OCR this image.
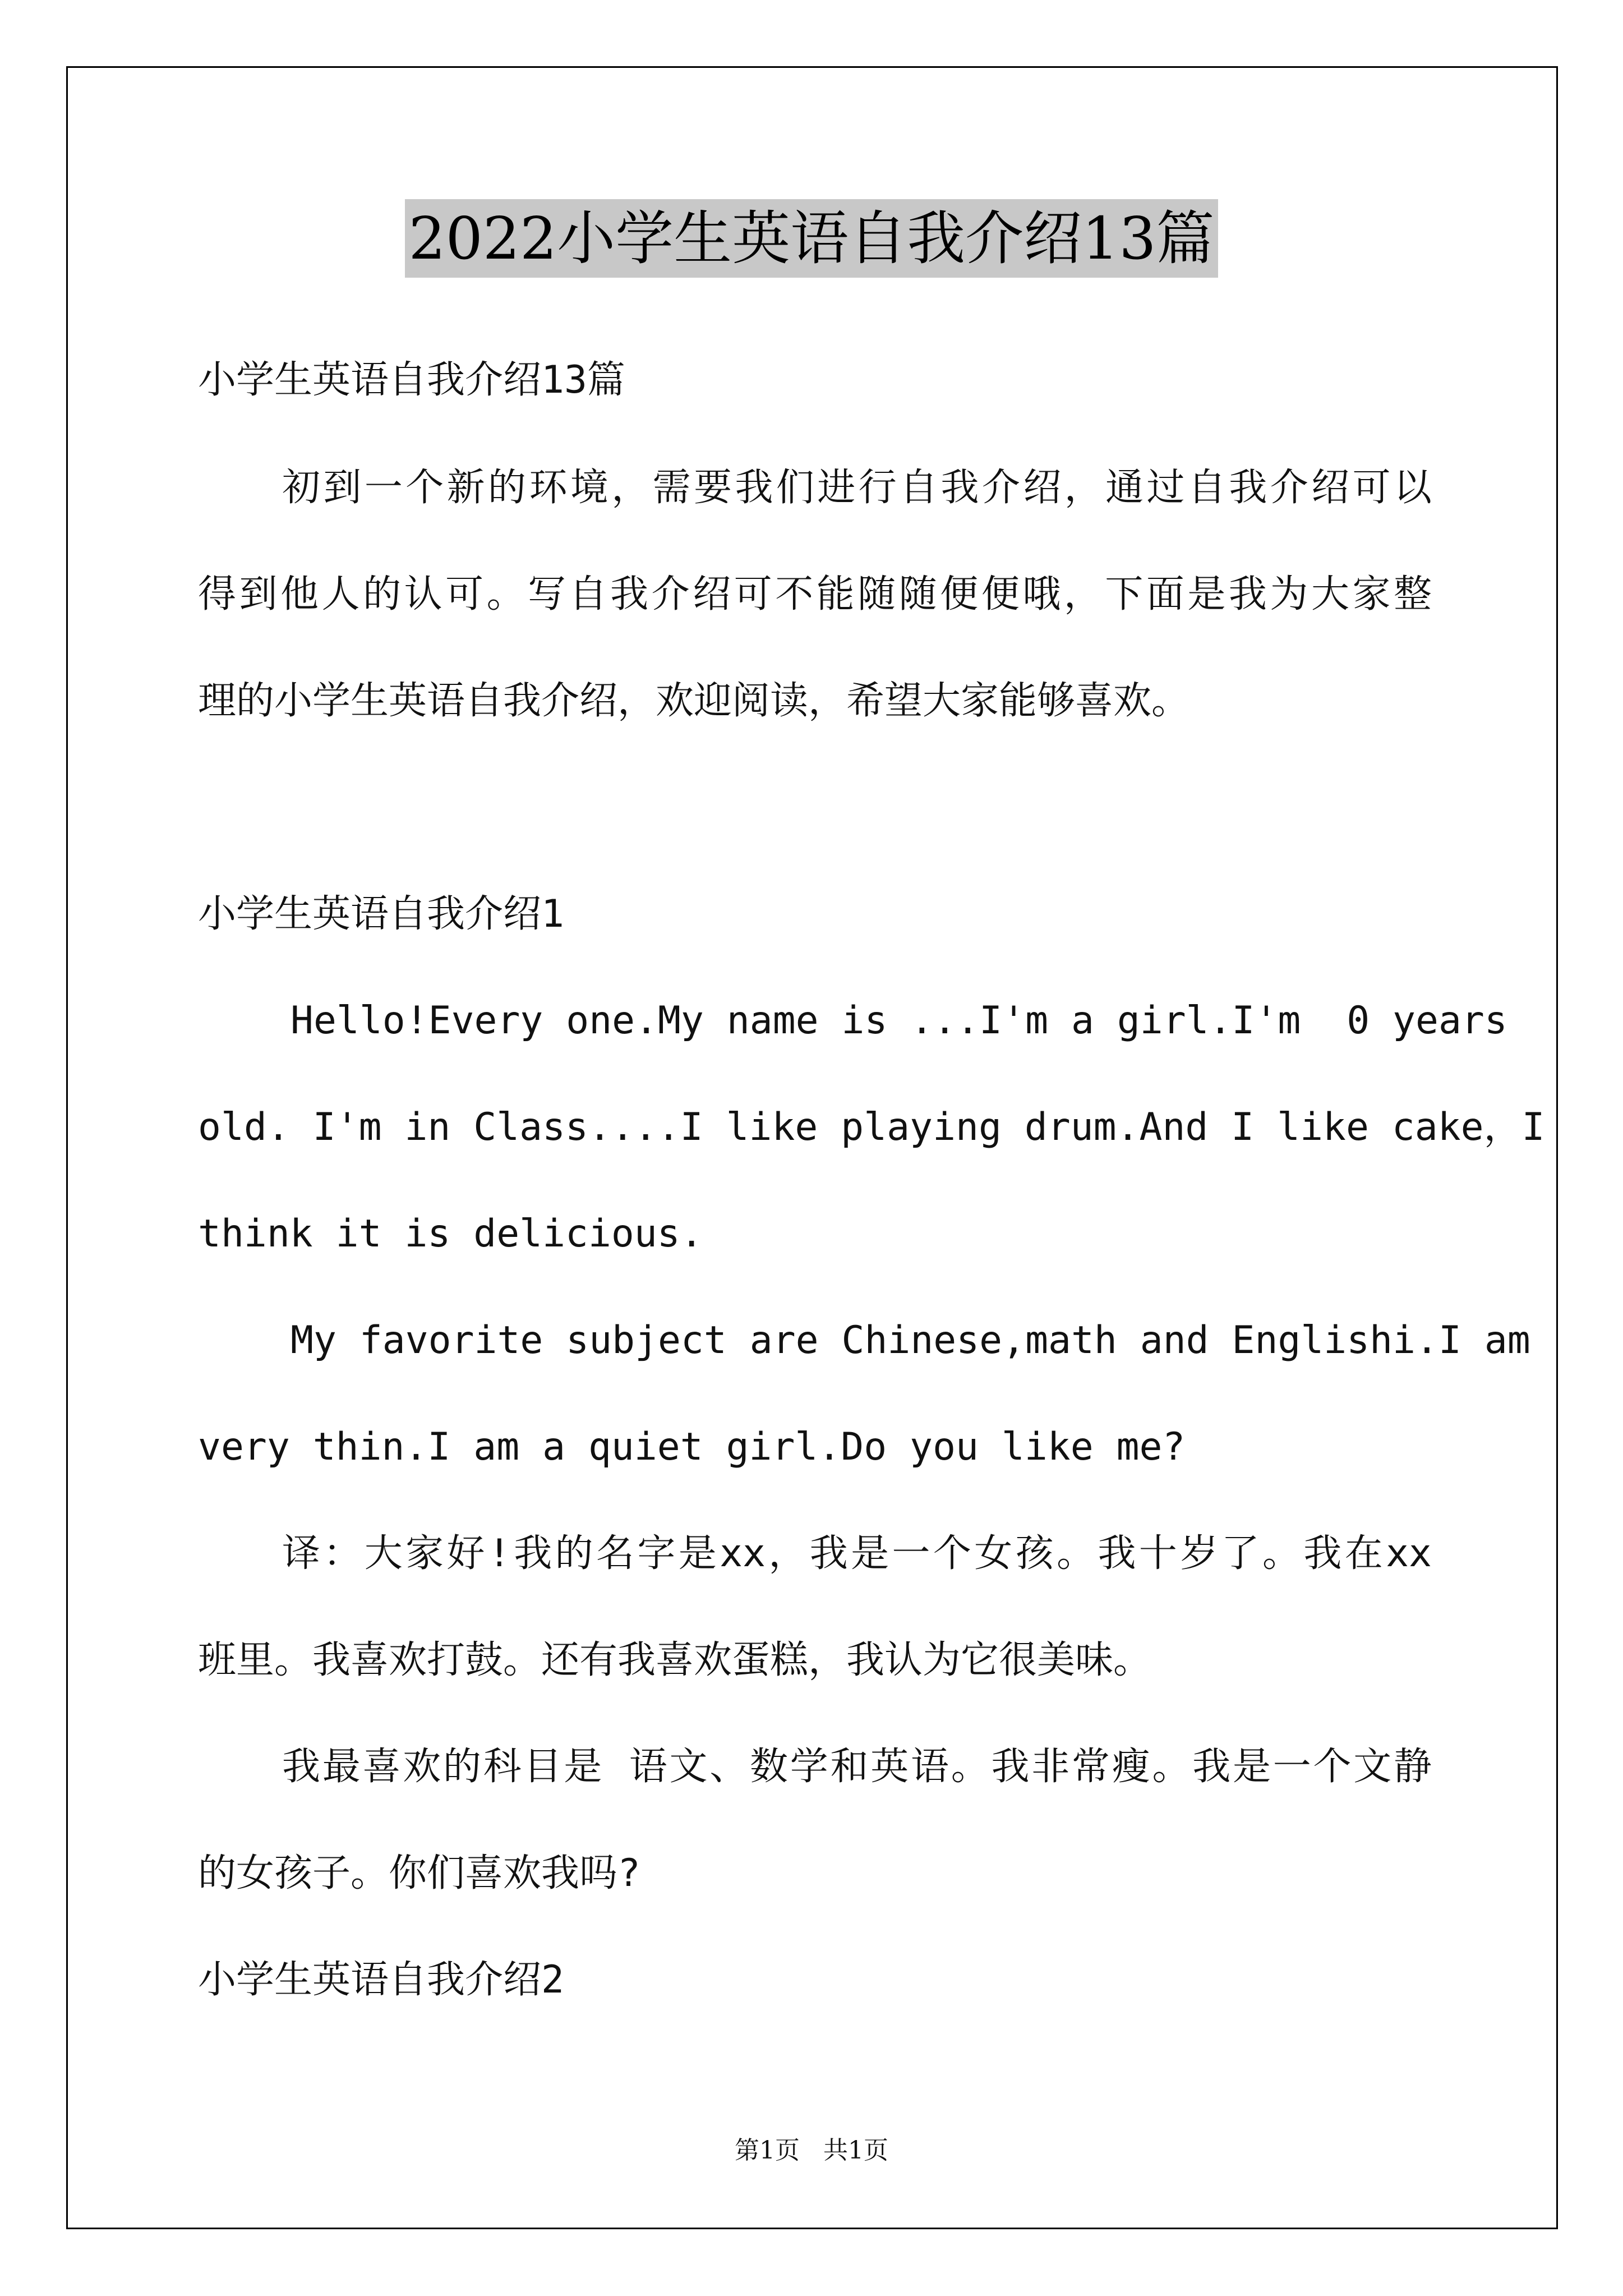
2022小学生英语自我介绍13篇
小学生英语自我介绍13篇
初到一个新的环境，需要我们进行自我介绍，通过自我介绍可以
得到他人的认可。写自我介绍可不能随随便便哦，下面是我为大家整
理的小学生英语自我介绍，欢迎阅读，希望大家能够喜欢。
小学生英语自我介绍1
Hello!Every one.My name is ...I'm a girl.I'm  0 years
old. I'm in Class....I like playing drum.And I like cake，I
think it is delicious.
My favorite subject are Chinese,math and Englishi.I am
very thin.I am a quiet girl.Do you like me?
译：大家好!我的名字是xx，我是一个女孩。我十岁了。我在xx
班里。我喜欢打鼓。还有我喜欢蛋糕，我认为它很美味。
我最喜欢的科目是 语文、数学和英语。我非常瘦。我是一个文静
的女孩子。你们喜欢我吗?
小学生英语自我介绍2
第1页   共1页
